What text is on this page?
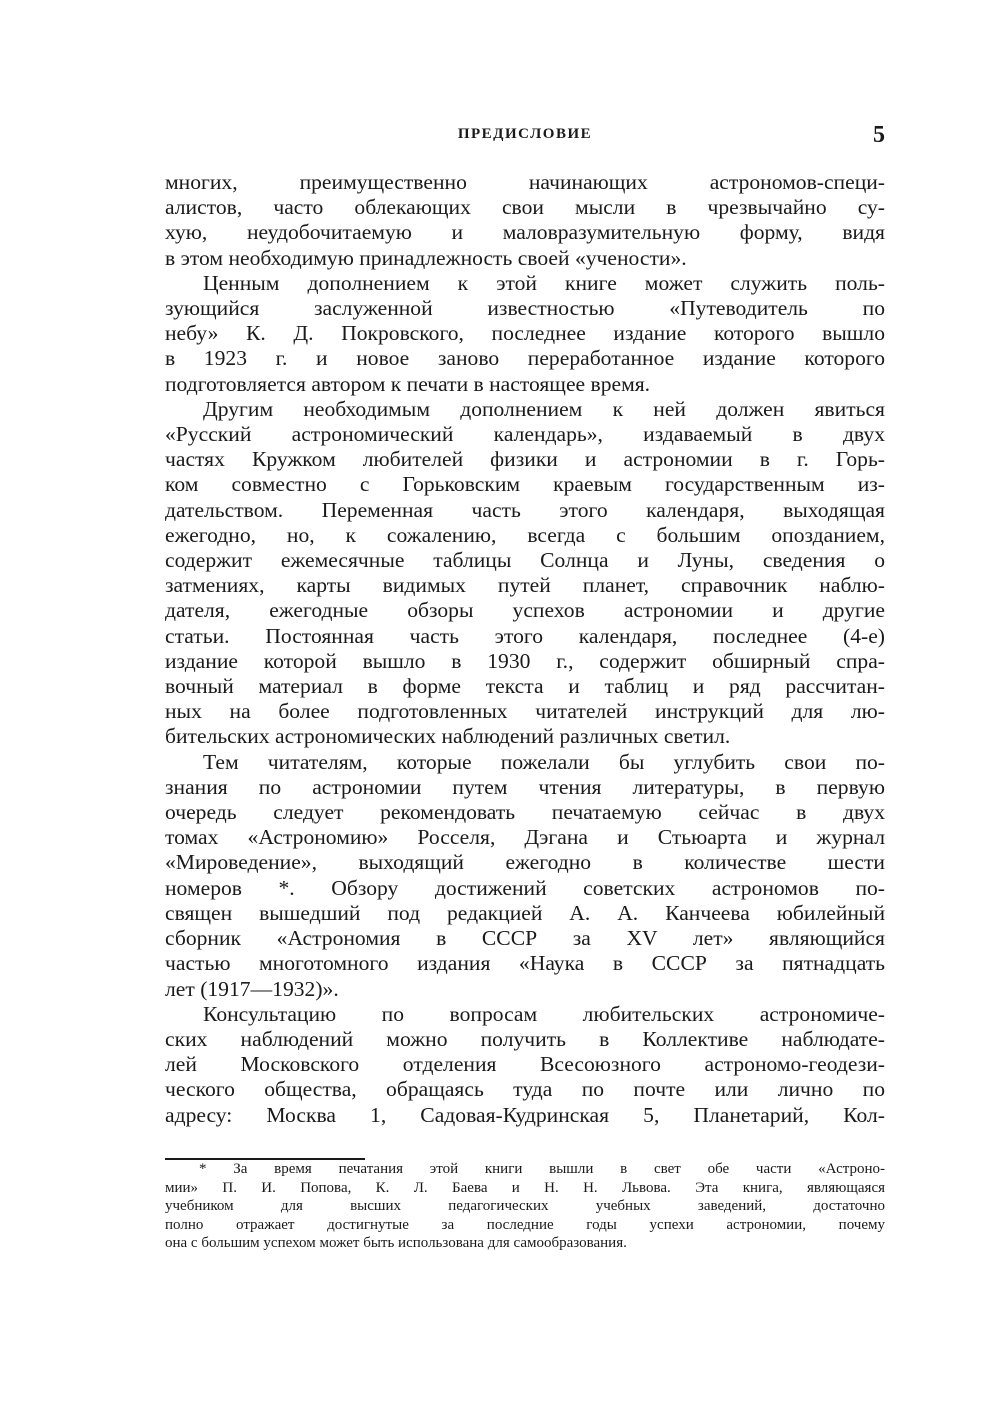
ПРЕДИСЛОВИЕ	5

многих, преимущественно начинающих астрономов-специ-

алистов, часто облекающих свои мысли в чрезвычайно су-

хую, неудобочитаемую и маловразумительную форму, видя

в этом необходимую принадлежность своей «учености».

Ценным дополнением к этой книге может служить поль-

зующийся заслуженной известностью «Путеводитель по

небу» К. Д. Покровского, последнее издание которого вышло

в 1923 г. и новое заново переработанное издание которого

подготовляется автором к печати в настоящее время.

Другим необходимым дополнением к ней должен явиться

«Русский астрономический календарь», издаваемый в двух

частях Кружком любителей физики и астрономии в г. Горь-

ком совместно с Горьковским краевым государственным из-

дательством. Переменная часть этого календаря, выходящая

ежегодно, но, к сожалению, всегда с большим опозданием,

содержит ежемесячные таблицы Солнца и Луны, сведения о

затмениях, карты видимых путей планет, справочник наблю-

дателя, ежегодные обзоры успехов астрономии и другие

статьи. Постоянная часть этого календаря, последнее (4-е)

издание которой вышло в 1930 г., содержит обширный спра-

вочный материал в форме текста и таблиц и ряд рассчитан-

ных на более подготовленных читателей инструкций для лю-

бительских астрономических наблюдений различных светил.

Тем читателям, которые пожелали бы углубить свои по-

знания по астрономии путем чтения литературы, в первую

очередь следует рекомендовать печатаемую сейчас в двух

томах «Астрономию» Росселя, Дэгана и Стьюарта и журнал

«Мироведение», выходящий ежегодно в количестве шести

номеров *. Обзору достижений советских астрономов по-

священ вышедший под редакцией А. А. Канчеева юбилейный

сборник «Астрономия в СССР за XV лет» являющийся

частью многотомного издания «Наука в СССР за пятнадцать

лет (1917—1932)».

Консультацию по вопросам любительских астрономиче-

ских наблюдений можно получить в Коллективе наблюдате-

лей Московского отделения Всесоюзного астрономо-геодези-

ческого общества, обращаясь туда по почте или лично по

адресу: Москва 1, Садовая-Кудринская 5, Планетарий, Кол-

* За время печатания этой книги вышли в свет обе части «Астроно-

мии» П. И. Попова, К. Л. Баева и Н. Н. Львова. Эта книга, являющаяся

учебником для высших педагогических учебных заведений, достаточно

полно отражает достигнутые за последние годы успехи астрономии, почему

она с большим успехом может быть использована для самообразования.
